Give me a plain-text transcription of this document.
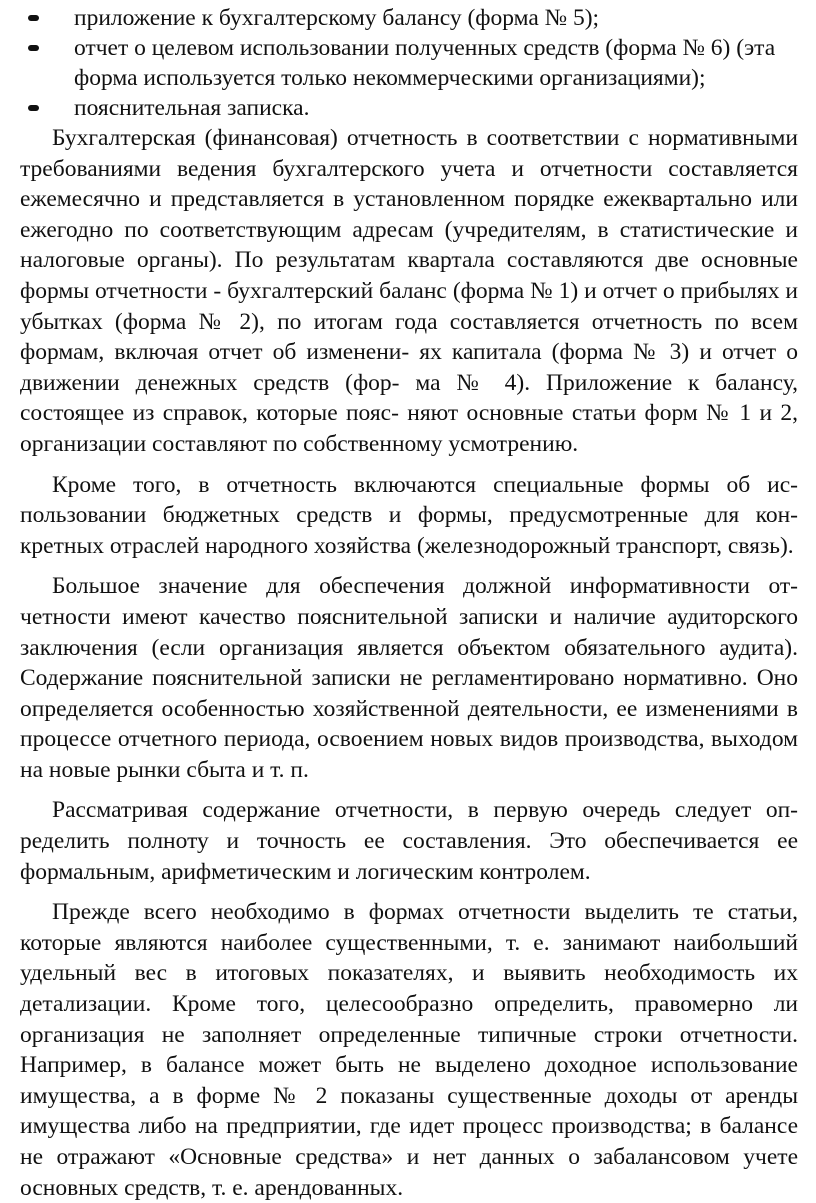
приложение к бухгалтерскому балансу (форма № 5);
отчет о целевом использовании полученных средств (форма № 6) (эта форма используется только некоммерческими организациями);
пояснительная записка.

Бухгалтерская (финансовая) отчетность в соответствии с нормативными требованиями ведения бухгалтерского учета и отчетности составляется ежемесячно и представляется в установленном порядке ежеквартально или ежегодно по соответствующим адресам (учредителям, в статистические и налоговые органы). По результатам квартала составляются две основные формы отчетности - бухгалтерский баланс (форма № 1) и отчет о прибылях и убытках (форма № 2), по итогам года составляется отчетность по всем формам, включая отчет об изменени- ях капитала (форма № 3) и отчет о движении денежных средств (фор- ма № 4). Приложение к балансу, состоящее из справок, которые пояс- няют основные статьи форм № 1 и 2, организации составляют по собственному усмотрению.

Кроме того, в отчетность включаются специальные формы об использовании бюджетных средств и формы, предусмотренные для конкретных отраслей народного хозяйства (железнодорожный транспорт, связь).

Большое значение для обеспечения должной информативности отчетности имеют качество пояснительной записки и наличие аудиторского заключения (если организация является объектом обязательного аудита). Содержание пояснительной записки не регламентировано нормативно. Оно определяется особенностью хозяйственной деятельности, ее изменениями в процессе отчетного периода, освоением новых видов производства, выходом на новые рынки сбыта и т. п.

Рассматривая содержание отчетности, в первую очередь следует определить полноту и точность ее составления. Это обеспечивается ее формальным, арифметическим и логическим контролем.

Прежде всего необходимо в формах отчетности выделить те статьи, которые являются наиболее существенными, т. е. занимают наибольший удельный вес в итоговых показателях, и выявить необходимость их детализации. Кроме того, целесообразно определить, правомерно ли организация не заполняет определенные типичные строки отчетности. Например, в балансе может быть не выделено доходное использование имущества, а в форме № 2 показаны существенные доходы от аренды имущества либо на предприятии, где идет процесс производства; в балансе не отражают «Основные средства» и нет данных о забалансовом учете основных средств, т. е. арендованных.
